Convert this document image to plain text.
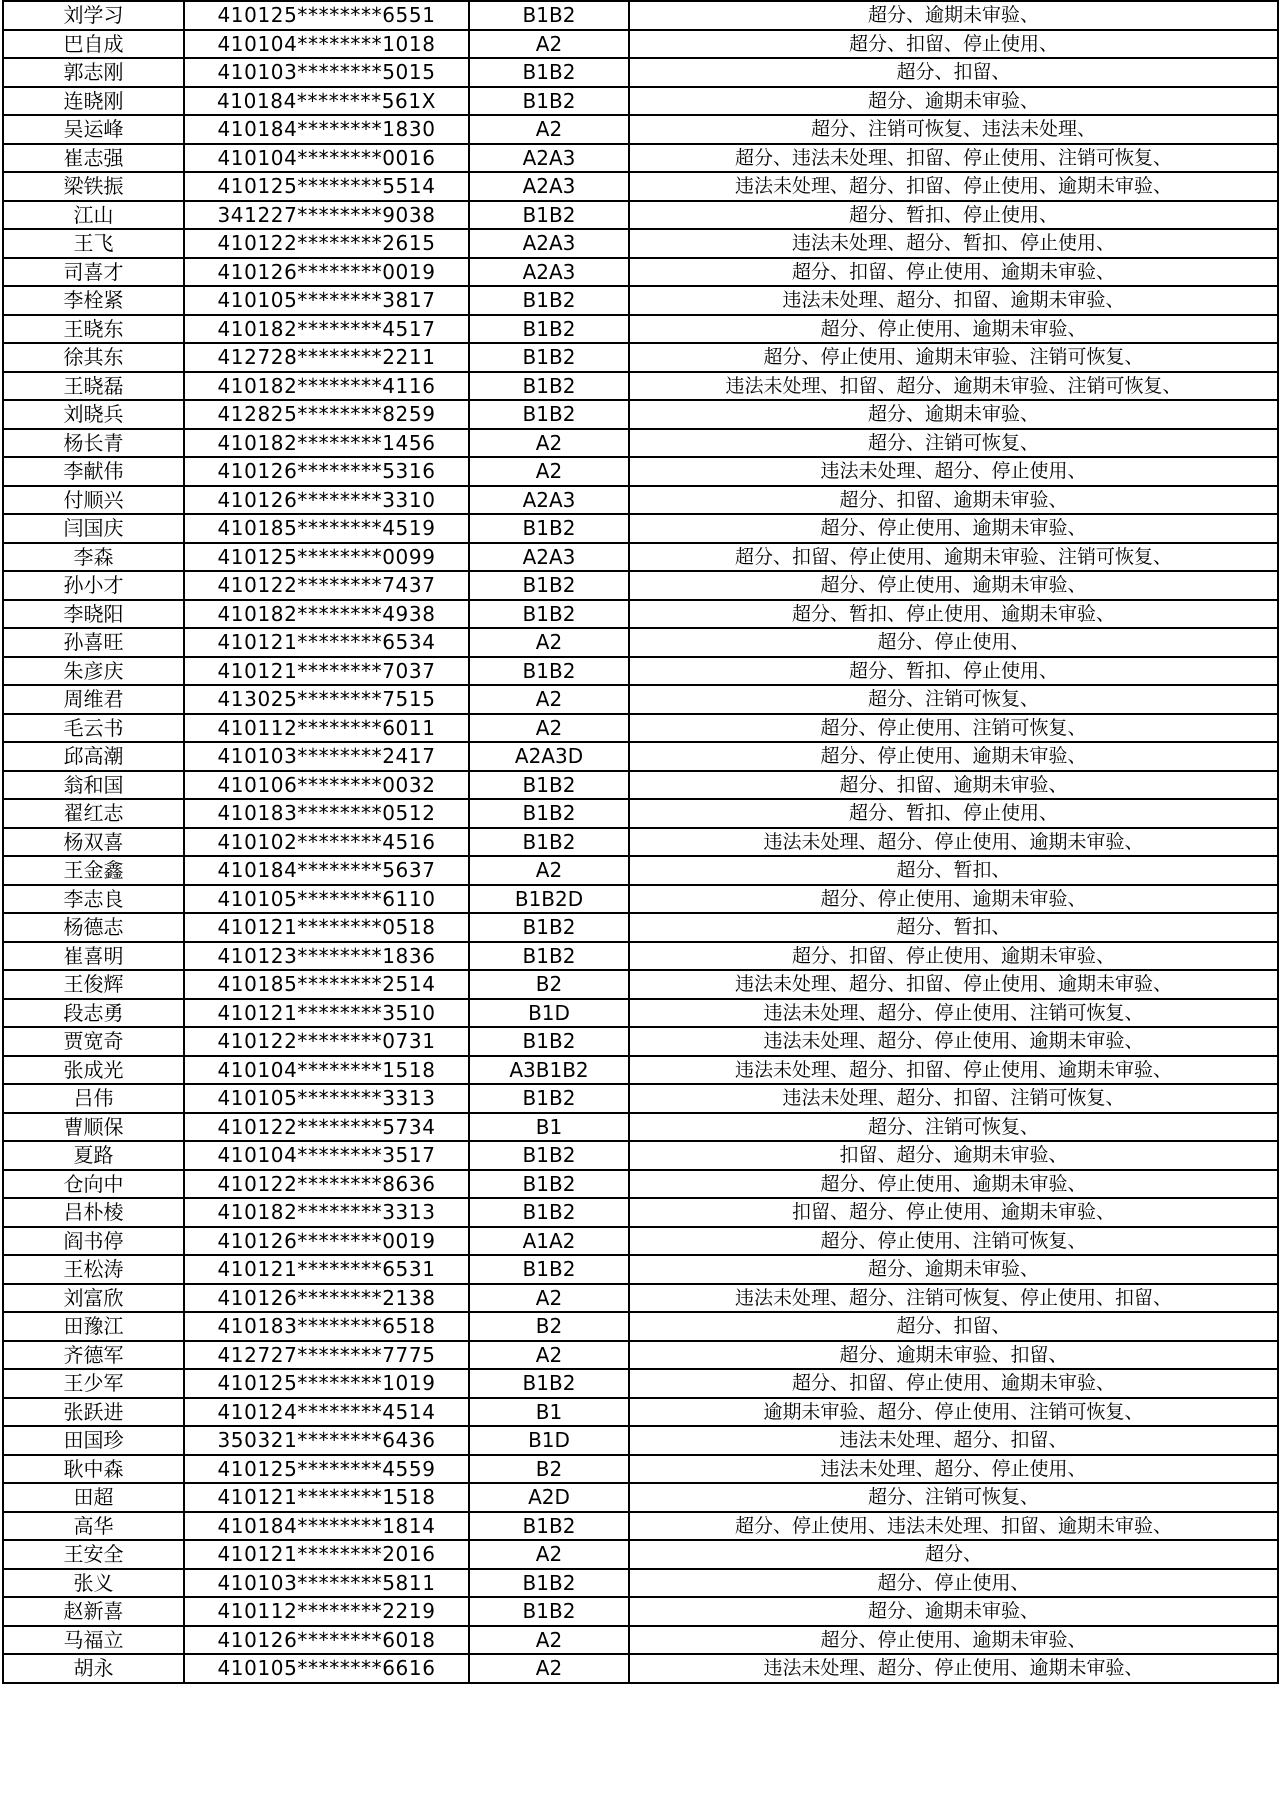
刘学习	410125********6551	B1B2	超分、逾期未审验、
巴自成	410104********1018	A2	超分、扣留、停止使用、
郭志刚	410103********5015	B1B2	超分、扣留、
连晓刚	410184********561X	B1B2	超分、逾期未审验、
吴运峰	410184********1830	A2	超分、注销可恢复、违法未处理、
崔志强	410104********0016	A2A3	超分、违法未处理、扣留、停止使用、注销可恢复、
梁铁振	410125********5514	A2A3	违法未处理、超分、扣留、停止使用、逾期未审验、
江山	341227********9038	B1B2	超分、暂扣、停止使用、
王飞	410122********2615	A2A3	违法未处理、超分、暂扣、停止使用、
司喜才	410126********0019	A2A3	超分、扣留、停止使用、逾期未审验、
李栓紧	410105********3817	B1B2	违法未处理、超分、扣留、逾期未审验、
王晓东	410182********4517	B1B2	超分、停止使用、逾期未审验、
徐其东	412728********2211	B1B2	超分、停止使用、逾期未审验、注销可恢复、
王晓磊	410182********4116	B1B2	违法未处理、扣留、超分、逾期未审验、注销可恢复、
刘晓兵	412825********8259	B1B2	超分、逾期未审验、
杨长青	410182********1456	A2	超分、注销可恢复、
李献伟	410126********5316	A2	违法未处理、超分、停止使用、
付顺兴	410126********3310	A2A3	超分、扣留、逾期未审验、
闫国庆	410185********4519	B1B2	超分、停止使用、逾期未审验、
李森	410125********0099	A2A3	超分、扣留、停止使用、逾期未审验、注销可恢复、
孙小才	410122********7437	B1B2	超分、停止使用、逾期未审验、
李晓阳	410182********4938	B1B2	超分、暂扣、停止使用、逾期未审验、
孙喜旺	410121********6534	A2	超分、停止使用、
朱彦庆	410121********7037	B1B2	超分、暂扣、停止使用、
周维君	413025********7515	A2	超分、注销可恢复、
毛云书	410112********6011	A2	超分、停止使用、注销可恢复、
邱高潮	410103********2417	A2A3D	超分、停止使用、逾期未审验、
翁和国	410106********0032	B1B2	超分、扣留、逾期未审验、
翟红志	410183********0512	B1B2	超分、暂扣、停止使用、
杨双喜	410102********4516	B1B2	违法未处理、超分、停止使用、逾期未审验、
王金鑫	410184********5637	A2	超分、暂扣、
李志良	410105********6110	B1B2D	超分、停止使用、逾期未审验、
杨德志	410121********0518	B1B2	超分、暂扣、
崔喜明	410123********1836	B1B2	超分、扣留、停止使用、逾期未审验、
王俊辉	410185********2514	B2	违法未处理、超分、扣留、停止使用、逾期未审验、
段志勇	410121********3510	B1D	违法未处理、超分、停止使用、注销可恢复、
贾宽奇	410122********0731	B1B2	违法未处理、超分、停止使用、逾期未审验、
张成光	410104********1518	A3B1B2	违法未处理、超分、扣留、停止使用、逾期未审验、
吕伟	410105********3313	B1B2	违法未处理、超分、扣留、注销可恢复、
曹顺保	410122********5734	B1	超分、注销可恢复、
夏路	410104********3517	B1B2	扣留、超分、逾期未审验、
仓向中	410122********8636	B1B2	超分、停止使用、逾期未审验、
吕朴棱	410182********3313	B1B2	扣留、超分、停止使用、逾期未审验、
阎书停	410126********0019	A1A2	超分、停止使用、注销可恢复、
王松涛	410121********6531	B1B2	超分、逾期未审验、
刘富欣	410126********2138	A2	违法未处理、超分、注销可恢复、停止使用、扣留、
田豫江	410183********6518	B2	超分、扣留、
齐德军	412727********7775	A2	超分、逾期未审验、扣留、
王少军	410125********1019	B1B2	超分、扣留、停止使用、逾期未审验、
张跃进	410124********4514	B1	逾期未审验、超分、停止使用、注销可恢复、
田国珍	350321********6436	B1D	违法未处理、超分、扣留、
耿中森	410125********4559	B2	违法未处理、超分、停止使用、
田超	410121********1518	A2D	超分、注销可恢复、
高华	410184********1814	B1B2	超分、停止使用、违法未处理、扣留、逾期未审验、
王安全	410121********2016	A2	超分、
张义	410103********5811	B1B2	超分、停止使用、
赵新喜	410112********2219	B1B2	超分、逾期未审验、
马福立	410126********6018	A2	超分、停止使用、逾期未审验、
胡永	410105********6616	A2	违法未处理、超分、停止使用、逾期未审验、
